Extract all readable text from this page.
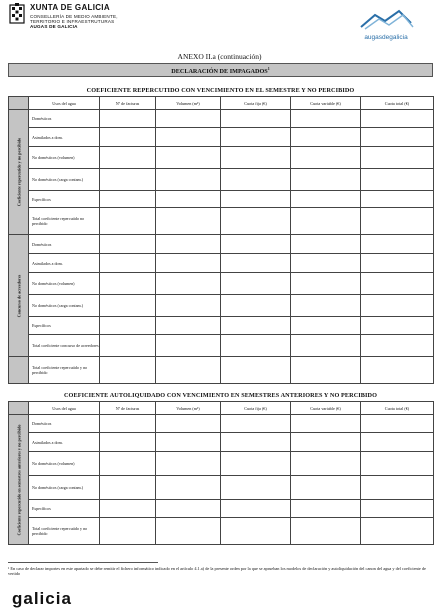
XUNTA DE GALICIA
CONSELLERÍA DE MEDIO AMBIENTE,
TERRITORIO E INFRAESTRUTURAS
AUGAS DE GALICIA
augasdegalicia
ANEXO II.a (continuación)
DECLARACIÓN DE IMPAGADOS$^1$
COEFICIENTE REPERCUTIDO CON VENCIMIENTO EN EL SEMESTRE Y NO PERCIBIDO
	Usos del agua	Nº de facturas	Volumen (m³)	Cuota fija (€)	Cuota variable (€)	Cuota total (€)

Coeficiente repercutido y no percibido	Domésticos					
	Asimilados a dom.					
	No domésticos (volumen)					
	No domésticos (carga contam.)					
	Específicos					
	Total coeficiente repercutido no percibido					

Concurso de acreedores	Domésticos					
	Asimilados a dom.					
	No domésticos (volumen)					
	No domésticos (carga contam.)					
	Específicos					
	Total coeficiente concurso de acreedores					
	Total coeficiente repercutido y no percibido					
COEFICIENTE AUTOLIQUIDADO CON VENCIMIENTO EN SEMESTRES ANTERIORES Y NO PERCIBIDO
	Usos del agua	Nº de facturas	Volumen (m³)	Cuota fija (€)	Cuota variable (€)	Cuota total (€)

Coeficiente repercutido en semestres anteriores y no percibido	Domésticos					
	Asimilados a dom.					
	No domésticos (volumen)					
	No domésticos (carga contam.)					
	Específicos					
	Total coeficiente repercutido y no percibido					
¹ En caso de declarar importes en este apartado se debe remitir el fichero informático indicado en el artículo 4.1.a) de la presente orden por la que se aprueban los modelos de declaración y autoliquidación del canon del agua y del coeficiente de vertido
galicia
